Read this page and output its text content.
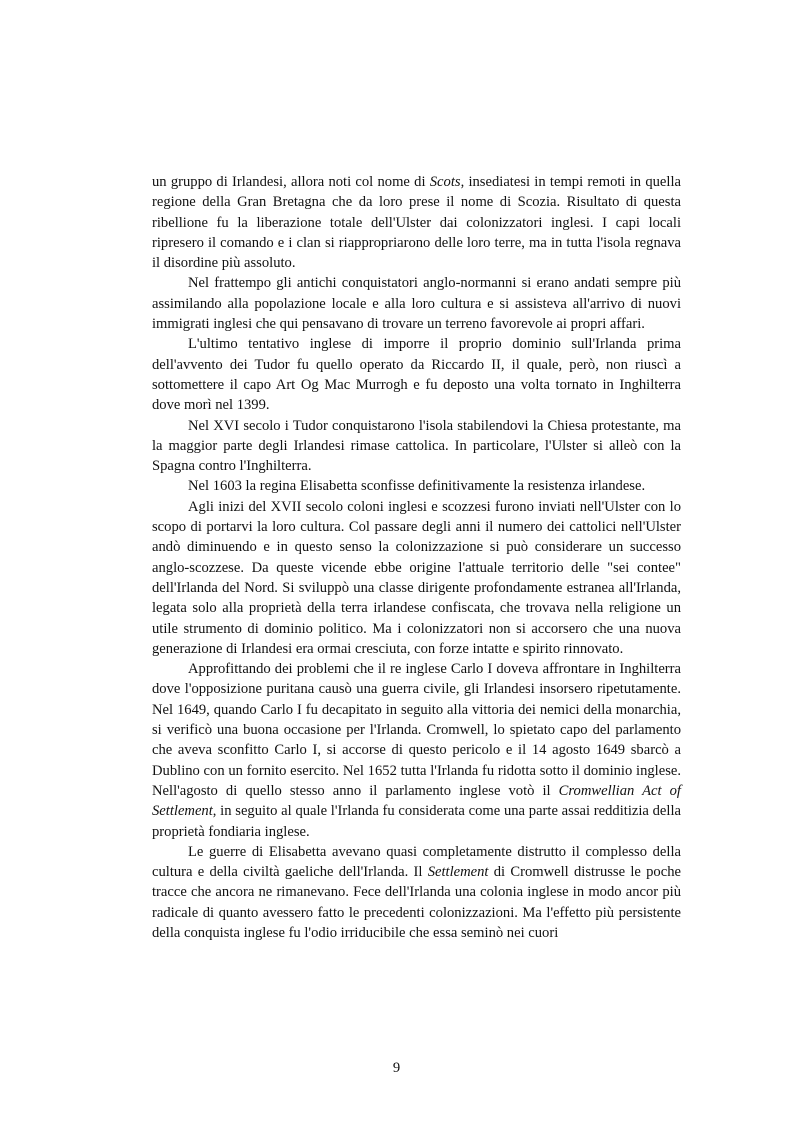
un gruppo di Irlandesi, allora noti col nome di Scots, insediatesi in tempi remoti in quella regione della Gran Bretagna che da loro prese il nome di Scozia. Risultato di questa ribellione fu la liberazione totale dell'Ulster dai colonizzatori inglesi. I capi locali ripresero il comando e i clan si riappropriarono delle loro terre, ma in tutta l'isola regnava il disordine più assoluto.

Nel frattempo gli antichi conquistatori anglo-normanni si erano andati sempre più assimilando alla popolazione locale e alla loro cultura e si assisteva all'arrivo di nuovi immigrati inglesi che qui pensavano di trovare un terreno favorevole ai propri affari.

L'ultimo tentativo inglese di imporre il proprio dominio sull'Irlanda prima dell'avvento dei Tudor fu quello operato da Riccardo II, il quale, però, non riuscì a sottomettere il capo Art Og Mac Murrogh e fu deposto una volta tornato in Inghilterra dove morì nel 1399.

Nel XVI secolo i Tudor conquistarono l'isola stabilendovi la Chiesa protestante, ma la maggior parte degli Irlandesi rimase cattolica. In particolare, l'Ulster si alleò con la Spagna contro l'Inghilterra.

Nel 1603 la regina Elisabetta sconfisse definitivamente la resistenza irlandese.

Agli inizi del XVII secolo coloni inglesi e scozzesi furono inviati nell'Ulster con lo scopo di portarvi la loro cultura. Col passare degli anni il numero dei cattolici nell'Ulster andò diminuendo e in questo senso la colonizzazione si può considerare un successo anglo-scozzese. Da queste vicende ebbe origine l'attuale territorio delle "sei contee" dell'Irlanda del Nord. Si sviluppò una classe dirigente profondamente estranea all'Irlanda, legata solo alla proprietà della terra irlandese confiscata, che trovava nella religione un utile strumento di dominio politico. Ma i colonizzatori non si accorsero che una nuova generazione di Irlandesi era ormai cresciuta, con forze intatte e spirito rinnovato.

Approfittando dei problemi che il re inglese Carlo I doveva affrontare in Inghilterra dove l'opposizione puritana causò una guerra civile, gli Irlandesi insorsero ripetutamente. Nel 1649, quando Carlo I fu decapitato in seguito alla vittoria dei nemici della monarchia, si verificò una buona occasione per l'Irlanda. Cromwell, lo spietato capo del parlamento che aveva sconfitto Carlo I, si accorse di questo pericolo e il 14 agosto 1649 sbarcò a Dublino con un fornito esercito. Nel 1652 tutta l'Irlanda fu ridotta sotto il dominio inglese. Nell'agosto di quello stesso anno il parlamento inglese votò il Cromwellian Act of Settlement, in seguito al quale l'Irlanda fu considerata come una parte assai redditizia della proprietà fondiaria inglese.

Le guerre di Elisabetta avevano quasi completamente distrutto il complesso della cultura e della civiltà gaeliche dell'Irlanda. Il Settlement di Cromwell distrusse le poche tracce che ancora ne rimanevano. Fece dell'Irlanda una colonia inglese in modo ancor più radicale di quanto avessero fatto le precedenti colonizzazioni. Ma l'effetto più persistente della conquista inglese fu l'odio irriducibile che essa seminò nei cuori

9
